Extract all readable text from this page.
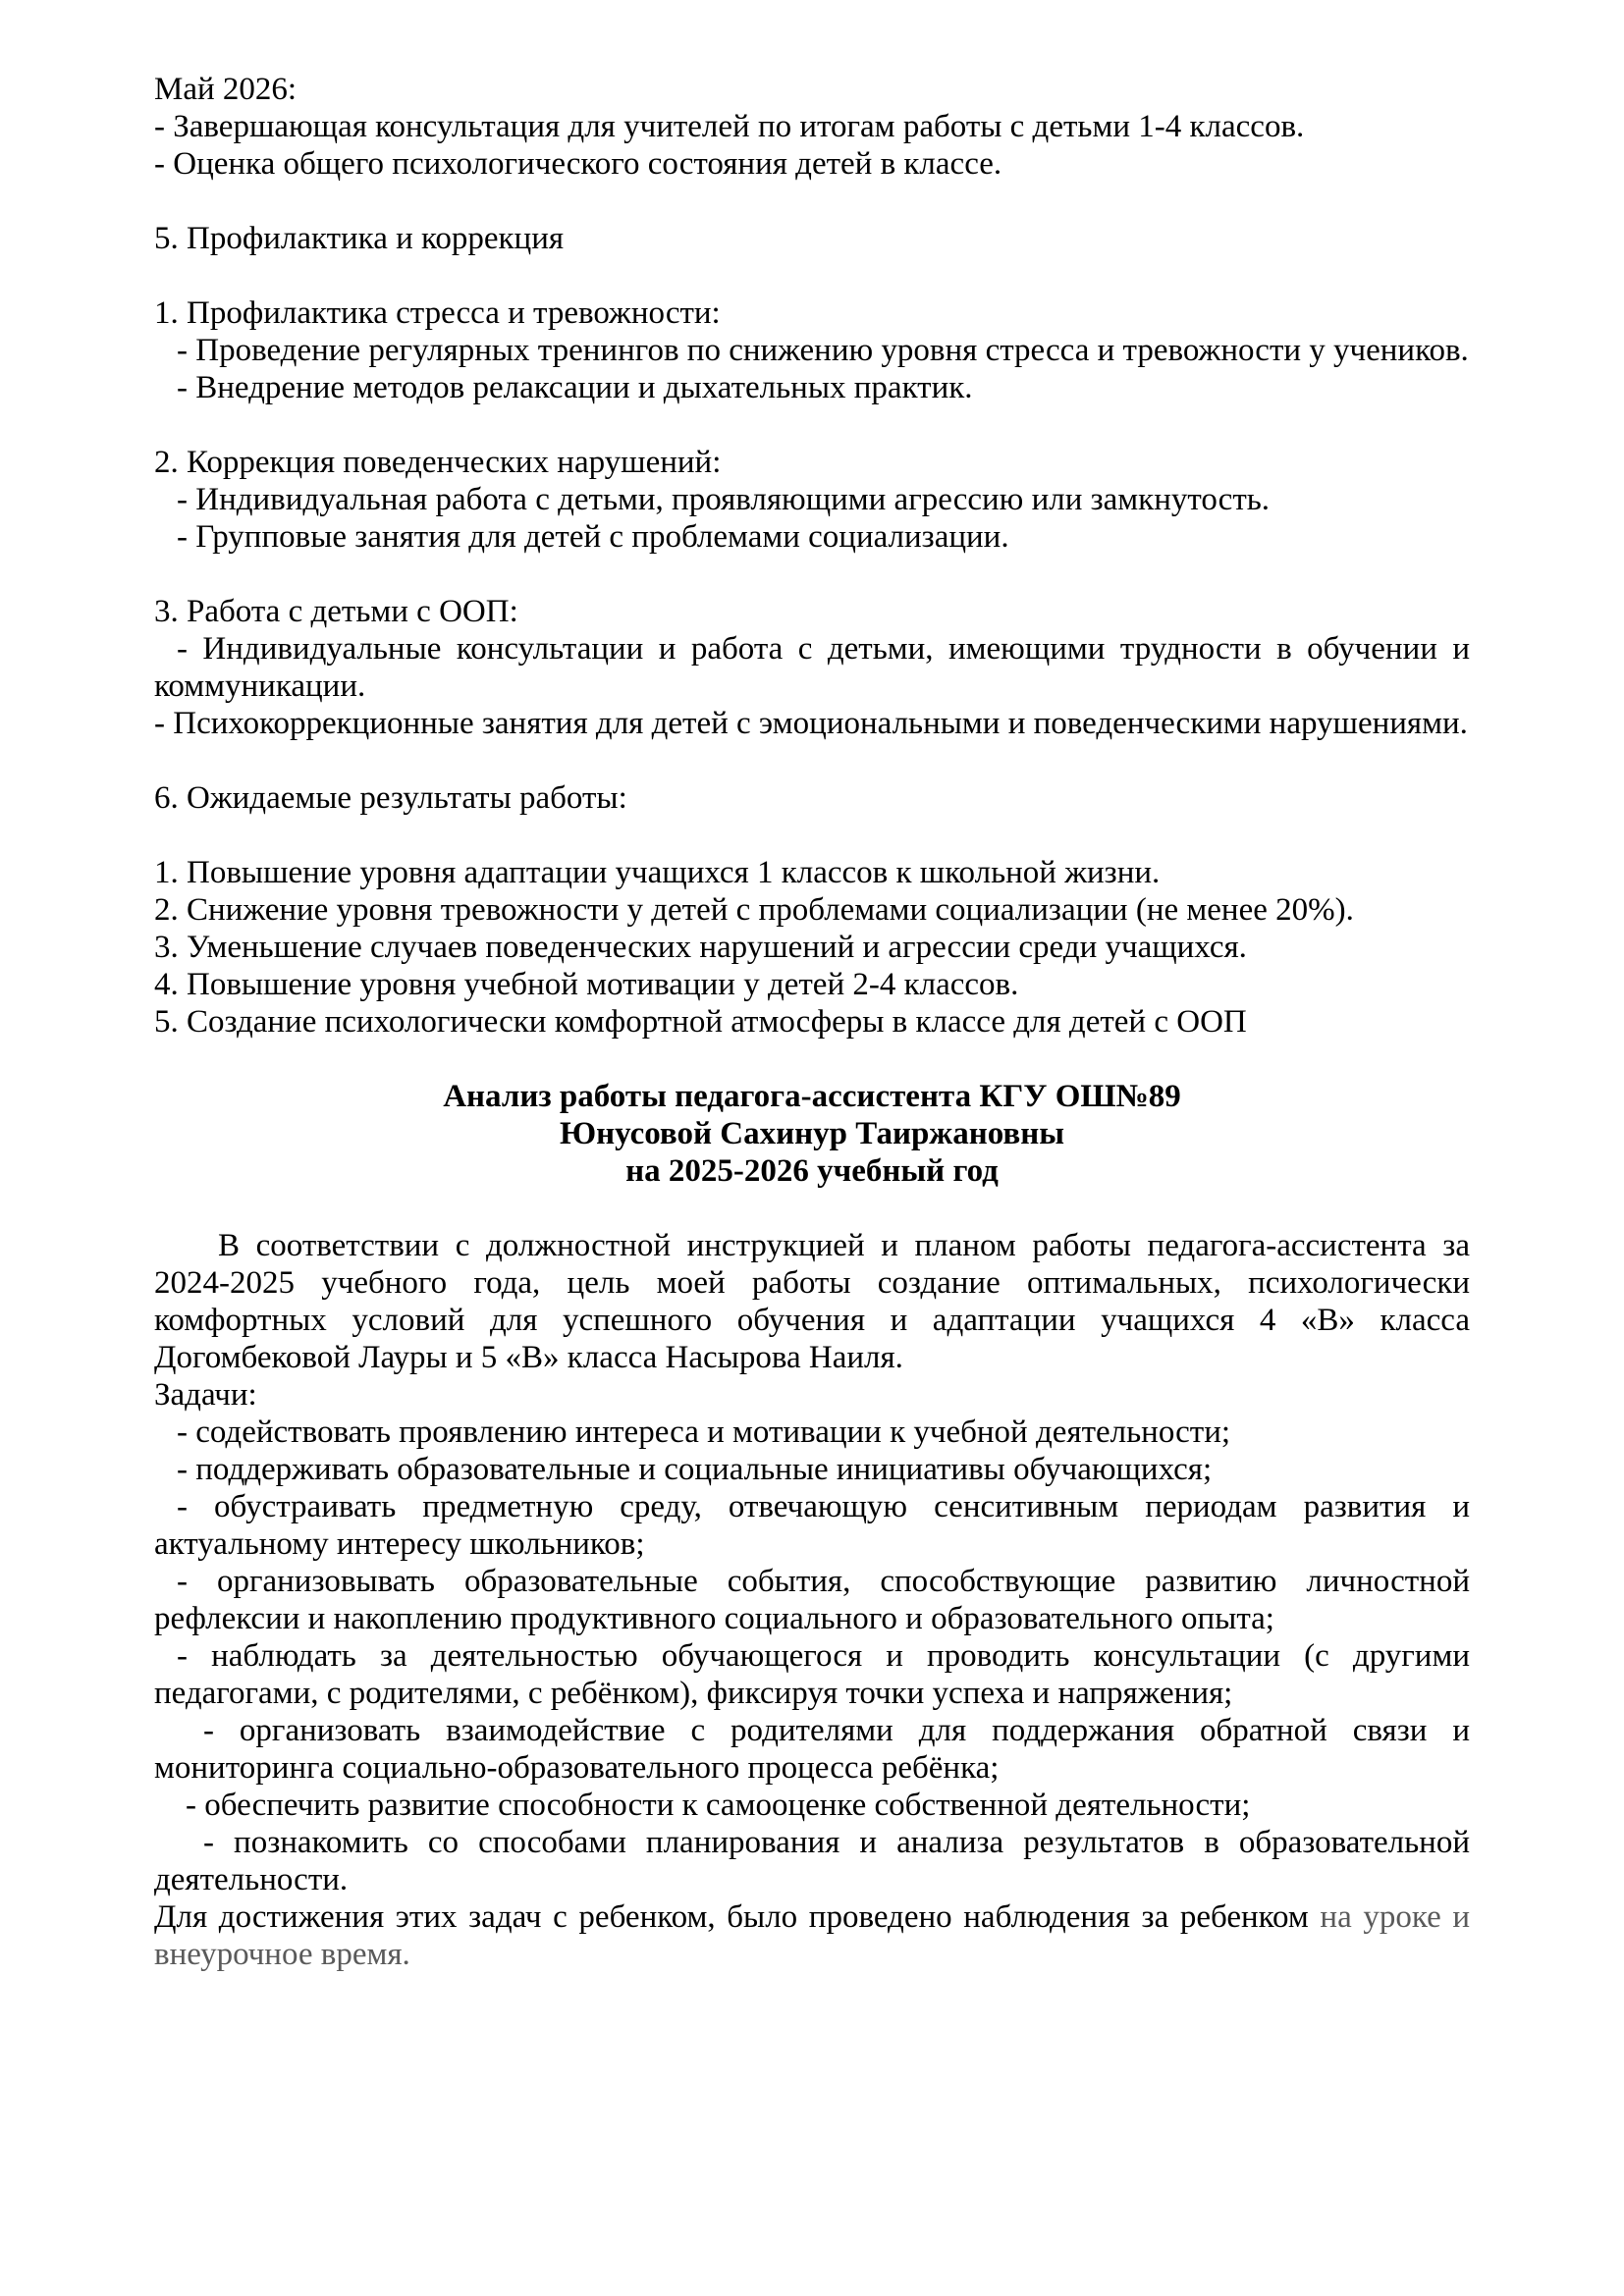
Май 2026:

- Завершающая консультация для учителей по итогам работы с детьми 1-4 классов.

- Оценка общего психологического состояния детей в классе.

5. Профилактика и коррекция

1. Профилактика стресса и тревожности:

- Проведение регулярных тренингов по снижению уровня стресса и тревожности у учеников.

- Внедрение методов релаксации и дыхательных практик.

2. Коррекция поведенческих нарушений:

- Индивидуальная работа с детьми, проявляющими агрессию или замкнутость.

- Групповые занятия для детей с проблемами социализации.

3. Работа с детьми с ООП:

- Индивидуальные консультации и работа с детьми, имеющими трудности в обучении и коммуникации.

- Психокоррекционные занятия для детей с эмоциональными и поведенческими нарушениями.

6. Ожидаемые результаты работы:

1. Повышение уровня адаптации учащихся 1 классов к школьной жизни.

2. Снижение уровня тревожности у детей с проблемами социализации (не менее 20%).

3. Уменьшение случаев поведенческих нарушений и агрессии среди учащихся.

4. Повышение уровня учебной мотивации у детей 2-4 классов.

5. Создание психологически комфортной атмосферы в классе для детей с ООП

Анализ работы педагога-ассистента КГУ ОШ№89

Юнусовой Сахинур Таиржановны

на 2025-2026 учебный год

В соответствии с должностной инструкцией и планом работы педагога-ассистента за 2024-2025 учебного года, цель моей работы создание оптимальных, психологически комфортных условий для успешного обучения и адаптации учащихся 4 «В» класса Догомбековой Лауры и 5 «В» класса Насырова Наиля.

Задачи:

- содействовать проявлению интереса и мотивации к учебной деятельности;

- поддерживать образовательные и социальные инициативы обучающихся;

- обустраивать предметную среду, отвечающую сенситивным периодам развития и актуальному интересу школьников;

- организовывать образовательные события, способствующие развитию личностной рефлексии и накоплению продуктивного социального и образовательного опыта;

- наблюдать за деятельностью обучающегося и проводить консультации (с другими педагогами, с родителями, с ребёнком), фиксируя точки успеха и напряжения;

- организовать взаимодействие с родителями для поддержания обратной связи и мониторинга социально-образовательного процесса ребёнка;

- обеспечить развитие способности к самооценке собственной деятельности;

- познакомить со способами планирования и анализа результатов в образовательной деятельности.

Для достижения этих задач с ребенком, было проведено наблюдения за ребенком на уроке и внеурочное время.
